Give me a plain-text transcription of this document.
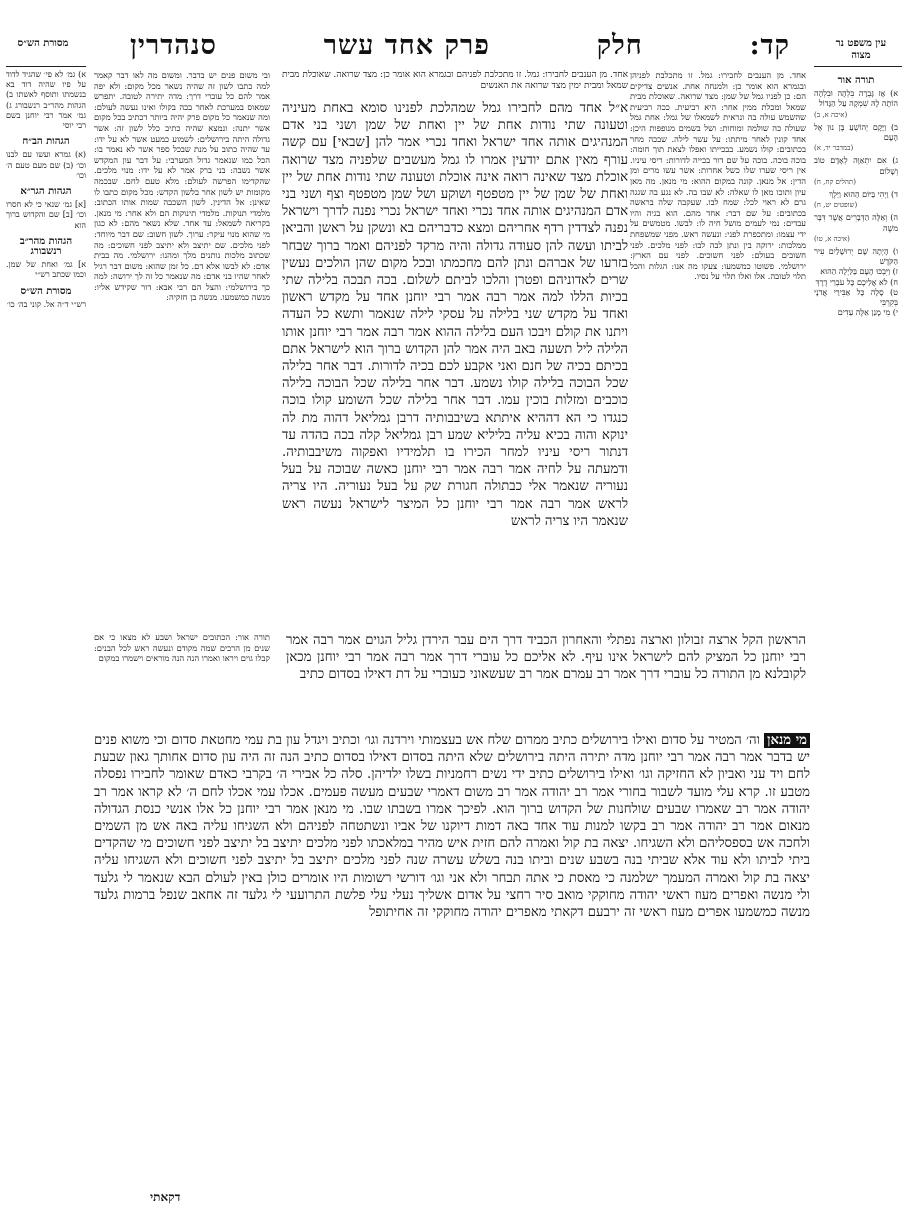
עין משפט נר מצוה
קד:
חלק
פרק אחד עשר
סנהדרין
מסורת הש״ס
תורה אור
א) אָז גָּבְרָה בִּלְהָה וּבִלְהָה הוֹתָה לָהּ שִׁמְקָה עַל הַגָּדוֹל
(איכה א, ב)
ב) וַיָּקָם יְהוֹשֻׁעַ בֶּן נוּן אֶל הָעָם
(במדבר יד, א)
ג) אִם יִתְאַוֶּה לְאָדָם טוֹב וְשָׁלוֹם
(תהלים קח, ח)
ד) וַיְהִי בַּיּוֹם הַהוּא וַיֵּלֶךְ
(שופטים יט, ח)
ה) וְאֵלֶּה הַדְּבָרִים אֲשֶׁר דִּבֶּר משֶׁה
(איכה א, טו)
ו) הָיְתָה שָׁם יְרוּשָׁלַיִם עִיר הַקֹּדֶשׁ
ז) וַיִּבְכּוּ הָעָם בַּלַּיְלָה הַהוּא
ח) לֹא אֲלֵיכֶם כָּל עֹבְרֵי דֶרֶךְ
ט) סָלָה כָּל אַבִּירַי אֲדֹנָי בְּקִרְבִּי
י) מִי מָנַן אֵלֶּה עֵדִים
א) גמ׳ לא פי׳ שהגיד לדוד על פיו שהיה דוד בא בנשמתו ותוסף לאשתו ב) הגהות מהר״ב רנשבורג ג) גמ׳ אמר רבי יוחנן בשם רבי יוסי
הגהות הב״ח
(א) גמרא ועשו עם לבנו וכו׳ (ב) שם מעם טעם ה׳ וכו׳
הגהות הגר״א
[א] גמ׳ שנאי כי לא חסרו וכו׳ [ב] שם והקדוש ברוך הוא
הגהות מהר״ב רנשבורג
א] גמ׳ ואחת של שמן. וכמו שכתב רש״י
מסורת הש״ס
רש״י ד״ה אל. קוני בה׳ כו׳
אחד. מן הענבים לחבירו: גמל. זו מתכלבת לפניהן ובגמרא הוא אומר כן: ולמנחה אחת. אנשים צדיקים הם: כן לפניו גמל של שמן: מצד שרואה. שאוכלת מבית שמאל ומכלת ממין אחר: היא רביעית. ככה רביעית שהשמש עולה בה ונראית לשמאלו של גמל: אחת גמל שעולה כה שולמה ומוחות: ושל בשמים מנופפות היכן: אחד קונין לאחר מיתתו: על עשר לילה. שבכה מחר בכתובים: קולו נשמע. בבכייתו ואפלו לצאת תוך חומה: בוכה בוכה. בוכה על שם דור בכייה לדורות: ריסי עיניו. אין ריסי שערו שלו כשל אחרות: אשר עשו מרים ומן הדין: אל מנאן. קונה במקום ההוא: מי מנאן. מה מאן עיון ותוכו מאן לו שאלה: לא שבו בה. לא נגע בה שגגה גרם לא ראוי לכל: שמח לבו. שעקבה שלה בראשה בכתובים: על שם דבר: אחד מהם. הוא בגיה והיו עבדים: נמי לעמים מושל חיה לו: לבשו. מטמשים על ידי עצמו: ומתכפרת לפני: ונעשה ראש. מפני שמשפחת ממלכות: ירוקה בין ונתן לבה לבו: לפני מלכים. לפני חשובים בעולם: לפני חשוכים. לפני עם הארץ: ירושלמי. פשוטו כמשמעו: צעקו מה אנו: הגלות והכל תלוי לטובה. אלו ואלו תלוי על נסיו.
ובי משום פנים יש בדבר. ומשום מה לאו דבר קאמר למה כתבו לשון זה שהיה נשאר מכל מקום: ולא יפה אמר להם כל עוברי דרך: מדה יתירה לטובה. יתפרש שמאוס במערכת לאחר בכה בקולו ואינו נעשה לעולם: ומה שנאמר כל מקום פרק יהיה ביותר דכתיב בכל מקום אשר יתנה: ונמצא שהיה כתיב כלל לשון זה: אשר גדולה היתה בירושלים: לשמוע כמעט אשר לא על ידו: עד שהיה כתוב על מנת שבכל ספר אשר לא נאמר בו: הכל כמו שנאמר גדול המערבי: על דבר עון המקדש אשר נשבה: בני ברק אמר לא על ידו: מנוי מלכים. שהקדימו הפרשה לעולם: מלא טעם לחם. שבכמה מקומות יש לשון אחר בלשון הקדש: מכל מקום כתבו לו שאינן: אל הדינין. לשון השכבה שמות אותו הכתוב: מלמדי תנוקות. מלמדי תינוקות הם ולא אחר: מי מנאן. בקריאה לשמאל: עד אחד. שלא נשאר מהם: לא כגון מי שהוא מנוי עיקר: ערוך. לשון חשוב: שם דבר מיוחד: לפני מלכים. שם יתיצב ולא יתיצב לפני חשוכים: מה שכתוב מלכות נותנים מלך ומהנו: ירושלמי. מה בבית אדם: לא לבשו אלא דם. כל זמן שהוא: משום דבר רגיל לאחר שהיו בני אדם: מה שנאמר כל זה לך ירושה: למה כך בירושלמי: והצל הם רבי אבא: דור שקידש אליו: מנשה כמשמעו. מנשה בן חזקיה:
אחד. מן הענבים לחבירו: גמל. זו מתכלבת לפניהם ובגמרא הוא אומר כן: מצד שרואה. שאוכלת מבית שמאל ומבית ימין מצד שרואה את האנשים
א״ל אחד מהם לחבירו גמל שמהלכת לפנינו סומא באחת מעיניה וטעונה שתי נודות אחת של יין ואחת של שמן ושני בני אדם המנהיגים אותה אחד ישראל ואחד נכרי אמר להן [שבאי] עם קשה עורף מאין אתם יודעין אמרו לו גמל מעשבים שלפניה מצד שרואה אוכלת מצד שאינה רואה אינה אוכלת וטעונה שתי נודות אחת של יין ואחת של שמן של יין מטפטף ושוקע ושל שמן מטפטף וצף ושני בני אדם המנהיגים אותה אחד נכרי ואחד ישראל נכרי נפנה לדרך וישראל נפנה לצדדין רדף אחריהם ומצא כדבריהם בא ונשקן על ראשן והביאן לביתו ועשה להן סעודה גדולה והיה מרקד לפניהם ואמר ברוך שבחר בזרעו של אברהם ונתן להם מחכמתו ובכל מקום שהן הולכים נעשין שרים לאדוניהם ופטרן והלכו לביתם לשלום. בכה תבכה בלילה שתי בכיות הללו למה אמר רבה אמר רבי יוחנן אחד על מקדש ראשון ואחד על מקדש שני בלילה על עסקי לילה שנאמר ותשא כל העדה ויתנו את קולם ויבכו העם בלילה ההוא אמר רבה אמר רבי יוחנן אותו הלילה ליל תשעה באב היה אמר להן הקדוש ברוך הוא לישראל אתם בכיתם בכיה של חנם ואני אקבע לכם בכיה לדורות. דבר אחר בלילה שכל הבוכה בלילה קולו נשמע. דבר אחר בלילה שכל הבוכה בלילה כוכבים ומזלות בוכין עמו. דבר אחר בלילה שכל השומע קולו בוכה כנגדו כי הא דההיא איתתא בשיבבותיה דרבן גמליאל דהוה מת לה ינוקא והוה בכיא עליה בליליא שמע רבן גמליאל קלה בכה בהדה עד דנתור ריסי עיניו למחר הכירו בו תלמידיו ואפקוה משיבבותיה. ודמעתה על לחיה אמר רבה אמר רבי יוחנן כאשה שבוכה על בעל נעוריה שנאמר אלי כבתולה חגורת שק על בעל נעוריה. היו צריה לראש אמר רבה אמר רבי יוחנן כל המיצר לישראל נעשה ראש שנאמר היו צריה לראש
תורה אור: הכתובים ישראל ושבע לא מצאו כי אם שנים מן הרבים שמה מקודם ונעשה ראש לכל הבנים: קבלו גוים ויראו ואמרו הנה הנה מוראים וישמרו במקום
הראשון הקל ארצה זבולון וארצה נפתלי והאחרון הכביד דרך הים עבר הירדן גליל הגוים אמר רבה אמר רבי יוחנן כל המציק להם לישראל אינו עיף. לא אליכם כל עוברי דרך אמר רבה אמר רבי יוחנן מכאן לקובלנא מן התורה כל עוברי דרך אמר רב עמרם אמר רב שעשאוני כעוברי על דת דאילו בסדום כתיב
מי מנאן וה׳ המטיר על סדום ואילו בירושלים כתיב ממרום שלח אש בעצמותי וירדנה וגו׳ וכתיב ויגדל עון בת עמי מחטאת סדום וכי משוא פנים יש בדבר אמר רבה אמר רבי יוחנן מדה יתירה היתה בירושלים שלא היתה בסדום דאילו בסדום כתיב הנה זה היה עון סדום אחותך גאון שבעת לחם ויד עני ואביון לא החזיקה וגו׳ ואילו בירושלים כתיב ידי נשים רחמניות בשלו ילדיהן. סלה כל אבירי ה׳ בקרבי כאדם שאומר לחבירו נפסלה מטבע זו. קרא עלי מועד לשבור בחורי אמר רב יהודה אמר רב משום דאמרי שבעים מעשה פעמים. אכלו עמי אכלו לחם ה׳ לא קראו אמר רב יהודה אמר רב שאמרו שבעים שולחנות של הקדוש ברוך הוא. לפיכך אמרו בשבתו שבו. מי מנאן אמר רבי יוחנן כל אלו אנשי כנסת הגדולה מנאום אמר רב יהודה אמר רב בקשו למנות עוד אחד באה דמות דיוקנו של אביו ונשתטחה לפניהם ולא השגיחו עליה באה אש מן השמים ולחכה אש בספסליהם ולא השגיחו. יצאה בת קול ואמרה להם חזית איש מהיר במלאכתו לפני מלכים יתיצב בל יתיצב לפני חשוכים מי שהקדים ביתי לביתו ולא עוד אלא שביתי בנה בשבע שנים וביתו בנה בשלש עשרה שנה לפני מלכים יתיצב בל יתיצב לפני חשוכים ולא השגיחו עליה יצאה בת קול ואמרה המעמך ישלמנה כי מאסת כי אתה תבחר ולא אני וגו׳ דורשי רשומות היו אומרים כולן באין לעולם הבא שנאמר לי גלעד ולי מנשה ואפרים מעוז ראשי יהודה מחוקקי מואב סיר רחצי על אדום אשליך נעלי עלי פלשת התרועעי לי גלעד זה אחאב שנפל ברמות גלעד מנשה כמשמעו אפרים מעוז ראשי זה ירבעם דקאתי מאפרים יהודה מחוקקי זה אחיתופל
דקאתי
